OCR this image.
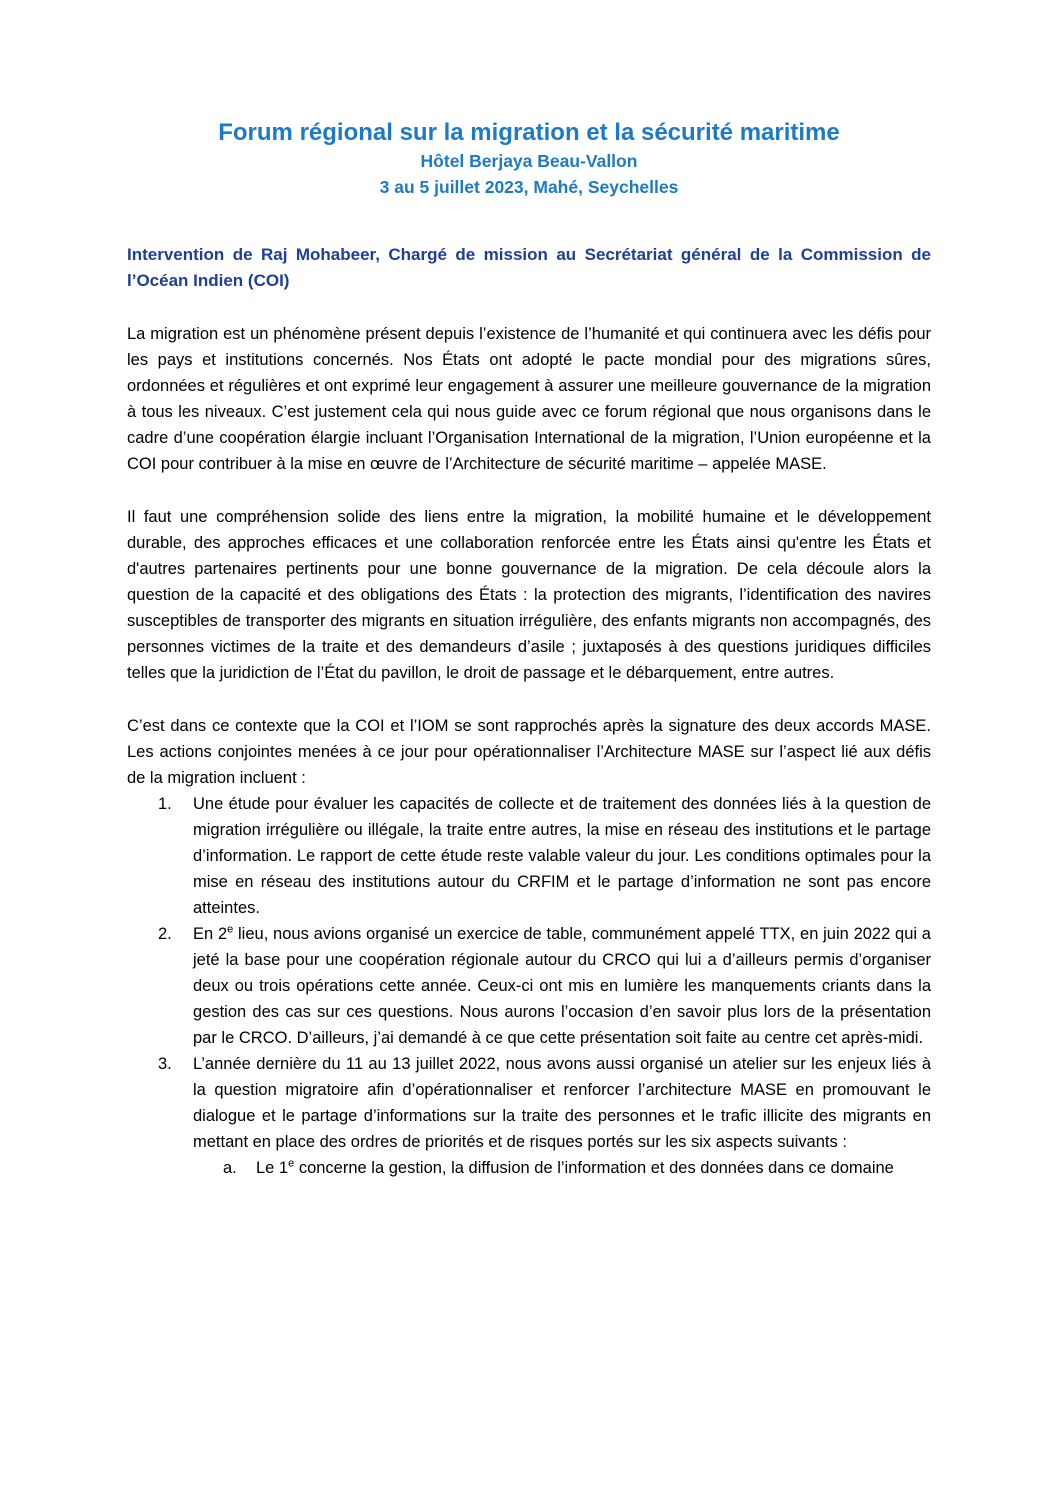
Forum régional sur la migration et la sécurité maritime
Hôtel Berjaya Beau-Vallon
3 au 5 juillet 2023, Mahé, Seychelles

Intervention de Raj Mohabeer, Chargé de mission au Secrétariat général de la Commission de l’Océan Indien (COI)

La migration est un phénomène présent depuis l’existence de l’humanité et qui continuera avec les défis pour les pays et institutions concernés. Nos États ont adopté le pacte mondial pour des migrations sûres, ordonnées et régulières et ont exprimé leur engagement à assurer une meilleure gouvernance de la migration à tous les niveaux. C’est justement cela qui nous guide avec ce forum régional que nous organisons dans le cadre d’une coopération élargie incluant l’Organisation International de la migration, l’Union européenne et la COI pour contribuer à la mise en œuvre de l’Architecture de sécurité maritime – appelée MASE.

Il faut une compréhension solide des liens entre la migration, la mobilité humaine et le développement durable, des approches efficaces et une collaboration renforcée entre les États ainsi qu'entre les États et d'autres partenaires pertinents pour une bonne gouvernance de la migration. De cela découle alors la question de la capacité et des obligations des États : la protection des migrants, l’identification des navires susceptibles de transporter des migrants en situation irrégulière, des enfants migrants non accompagnés, des personnes victimes de la traite et des demandeurs d’asile ; juxtaposés à des questions juridiques difficiles telles que la juridiction de l’État du pavillon, le droit de passage et le débarquement, entre autres.

C’est dans ce contexte que la COI et l’IOM se sont rapprochés après la signature des deux accords MASE. Les actions conjointes menées à ce jour pour opérationnaliser l’Architecture MASE sur l’aspect lié aux défis de la migration incluent :

1.	Une étude pour évaluer les capacités de collecte et de traitement des données liés à la question de migration irrégulière ou illégale, la traite entre autres, la mise en réseau des institutions et le partage d’information. Le rapport de cette étude reste valable valeur du jour. Les conditions optimales pour la mise en réseau des institutions autour du CRFIM et le partage d’information ne sont pas encore atteintes.
2.	En 2e lieu, nous avions organisé un exercice de table, communément appelé TTX, en juin 2022 qui a jeté la base pour une coopération régionale autour du CRCO qui lui a d’ailleurs permis d’organiser deux ou trois opérations cette année. Ceux-ci ont mis en lumière les manquements criants dans la gestion des cas sur ces questions. Nous aurons l’occasion d’en savoir plus lors de la présentation par le CRCO. D’ailleurs, j’ai demandé à ce que cette présentation soit faite au centre cet après-midi.
3.	L’année dernière du 11 au 13 juillet 2022, nous avons aussi organisé un atelier sur les enjeux liés à la question migratoire afin d’opérationnaliser et renforcer l’architecture MASE en promouvant le dialogue et le partage d’informations sur la traite des personnes et le trafic illicite des migrants en mettant en place des ordres de priorités et de risques portés sur les six aspects suivants :
a.	Le 1e concerne la gestion, la diffusion de l’information et des données dans ce domaine
